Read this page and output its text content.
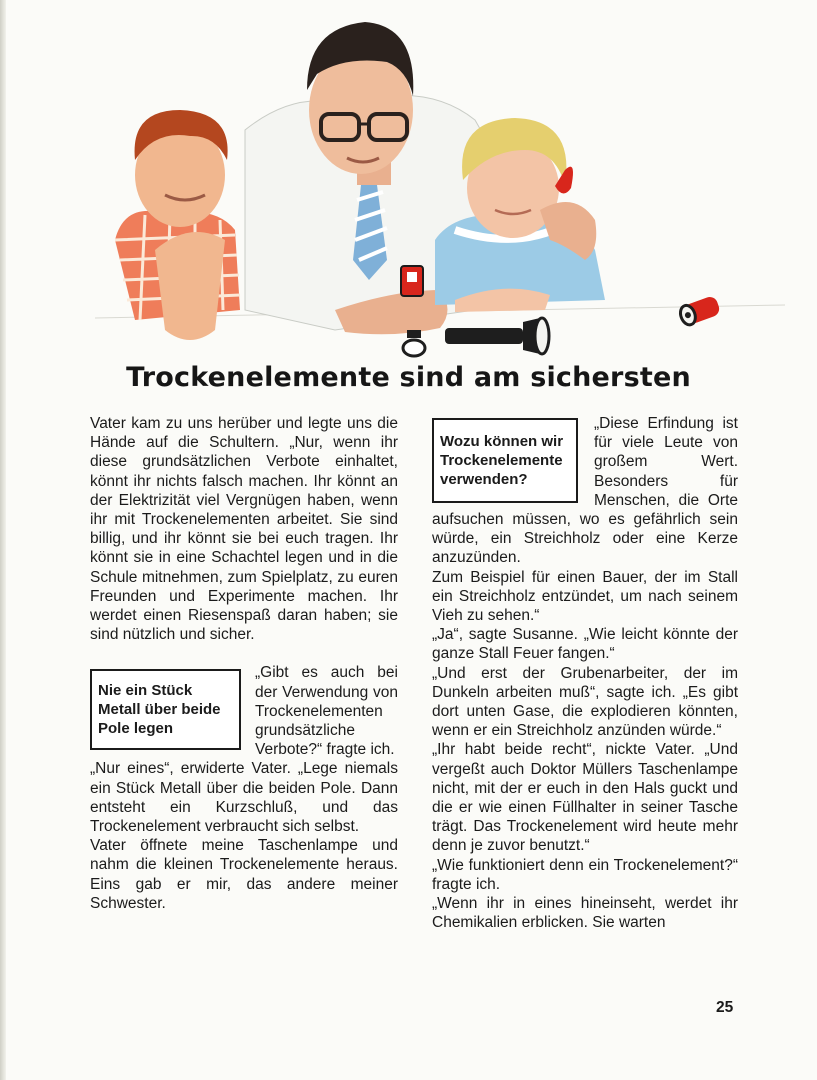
Trockenelemente sind am sichersten

Vater kam zu uns herüber und legte uns die Hände auf die Schultern. „Nur, wenn ihr diese grundsätzlichen Verbote einhaltet, könnt ihr nichts falsch machen. Ihr könnt an der Elektrizität viel Vergnügen haben, wenn ihr mit Trockenelementen arbeitet. Sie sind billig, und ihr könnt sie bei euch tragen. Ihr könnt sie in eine Schachtel legen und in die Schule mitnehmen, zum Spielplatz, zu euren Freunden und Experimente machen. Ihr werdet einen Riesenspaß daran haben; sie sind nützlich und sicher.

Nie ein Stück Metall über beide Pole legen

„Gibt es auch bei der Verwendung von Trockenelementen grundsätzliche Verbote?“ fragte ich.

„Nur eines“, erwiderte Vater. „Lege niemals ein Stück Metall über die beiden Pole. Dann entsteht ein Kurzschluß, und das Trockenelement verbraucht sich selbst.

Vater öffnete meine Taschenlampe und nahm die kleinen Trockenelemente heraus. Eins gab er mir, das andere meiner Schwester.

Wozu können wir Trockenelemente verwenden?

„Diese Erfindung ist für viele Leute von großem Wert. Besonders für Menschen, die Orte aufsuchen müssen, wo es gefährlich sein würde, ein Streichholz oder eine Kerze anzuzünden.

Zum Beispiel für einen Bauer, der im Stall ein Streichholz entzündet, um nach seinem Vieh zu sehen.“

„Ja“, sagte Susanne. „Wie leicht könnte der ganze Stall Feuer fangen.“

„Und erst der Grubenarbeiter, der im Dunkeln arbeiten muß“, sagte ich. „Es gibt dort unten Gase, die explodieren könnten, wenn er ein Streichholz anzünden würde.“

„Ihr habt beide recht“, nickte Vater. „Und vergeßt auch Doktor Müllers Taschenlampe nicht, mit der er euch in den Hals guckt und die er wie einen Füllhalter in seiner Tasche trägt. Das Trockenelement wird heute mehr denn je zuvor benutzt.“

„Wie funktioniert denn ein Trockenelement?“ fragte ich.

„Wenn ihr in eines hineinseht, werdet ihr Chemikalien erblicken. Sie warten

25
